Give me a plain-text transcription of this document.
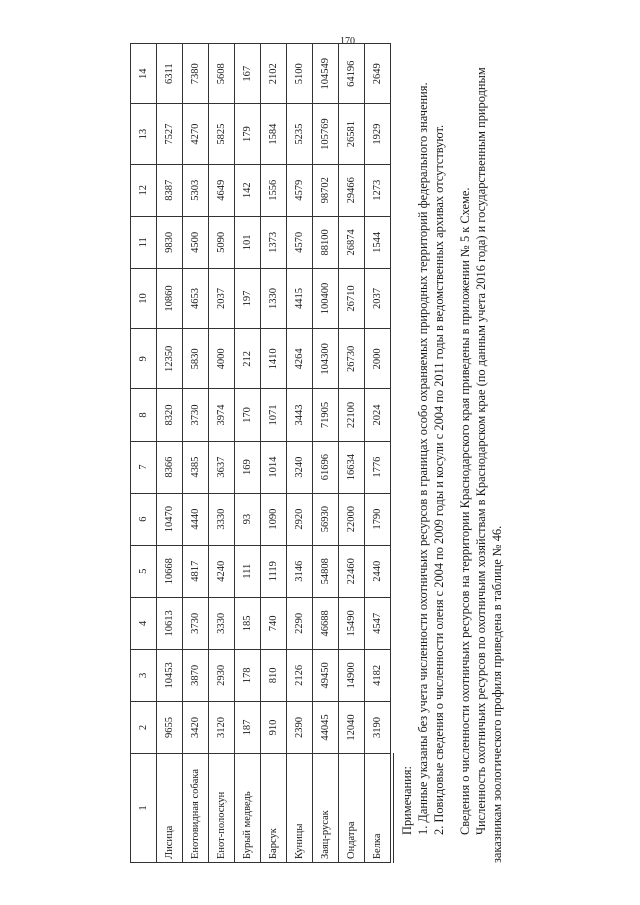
170
1	2	3	4	5	6	7	8	9	10	11	12	13	14
Лисица	9655	10453	10613	10668	10470	8366	8320	12350	10860	9830	8387	7527	6311
Енотовидная собака	3420	3870	3730	4817	4440	4385	3730	5830	4653	4500	5303	4270	7380
Енот-полоскун	3120	2930	3330	4240	3330	3637	3974	4000	2037	5090	4649	5825	5608
Бурый медведь	187	178	185	111	93	169	170	212	197	101	142	179	167
Барсук	910	810	740	1119	1090	1014	1071	1410	1330	1373	1556	1584	2102
Куницы	2390	2126	2290	3146	2920	3240	3443	4264	4415	4570	4579	5235	5100
Заяц-русак	44045	49450	46688	54808	56930	61696	71905	104300	100400	88100	98702	105769	104549
Ондатра	12040	14900	15490	22460	22000	16634	22100	26730	26710	26874	29466	26581	64196
Белка	3190	4182	4547	2440	1790	1776	2024	2000	2037	1544	1273	1929	2649

Примечания: 1. Данные указаны без учета численности охотничьих ресурсов в границах особо охраняемых природных территорий федерального значения. 2. Повидовые сведения о численности оленя с 2004 по 2009 годы и косули с 2004 по 2011 годы в ведомственных архивах отсутствуют. Сведения о численности охотничьих ресурсов на территории Краснодарского края приведены в приложении № 5 к Схеме. Численность охотничьих ресурсов по охотничьим хозяйствам в Краснодарском крае (по данным учета 2016 года) и государственным природным заказникам зоологического профиля приведена в таблице № 46.
